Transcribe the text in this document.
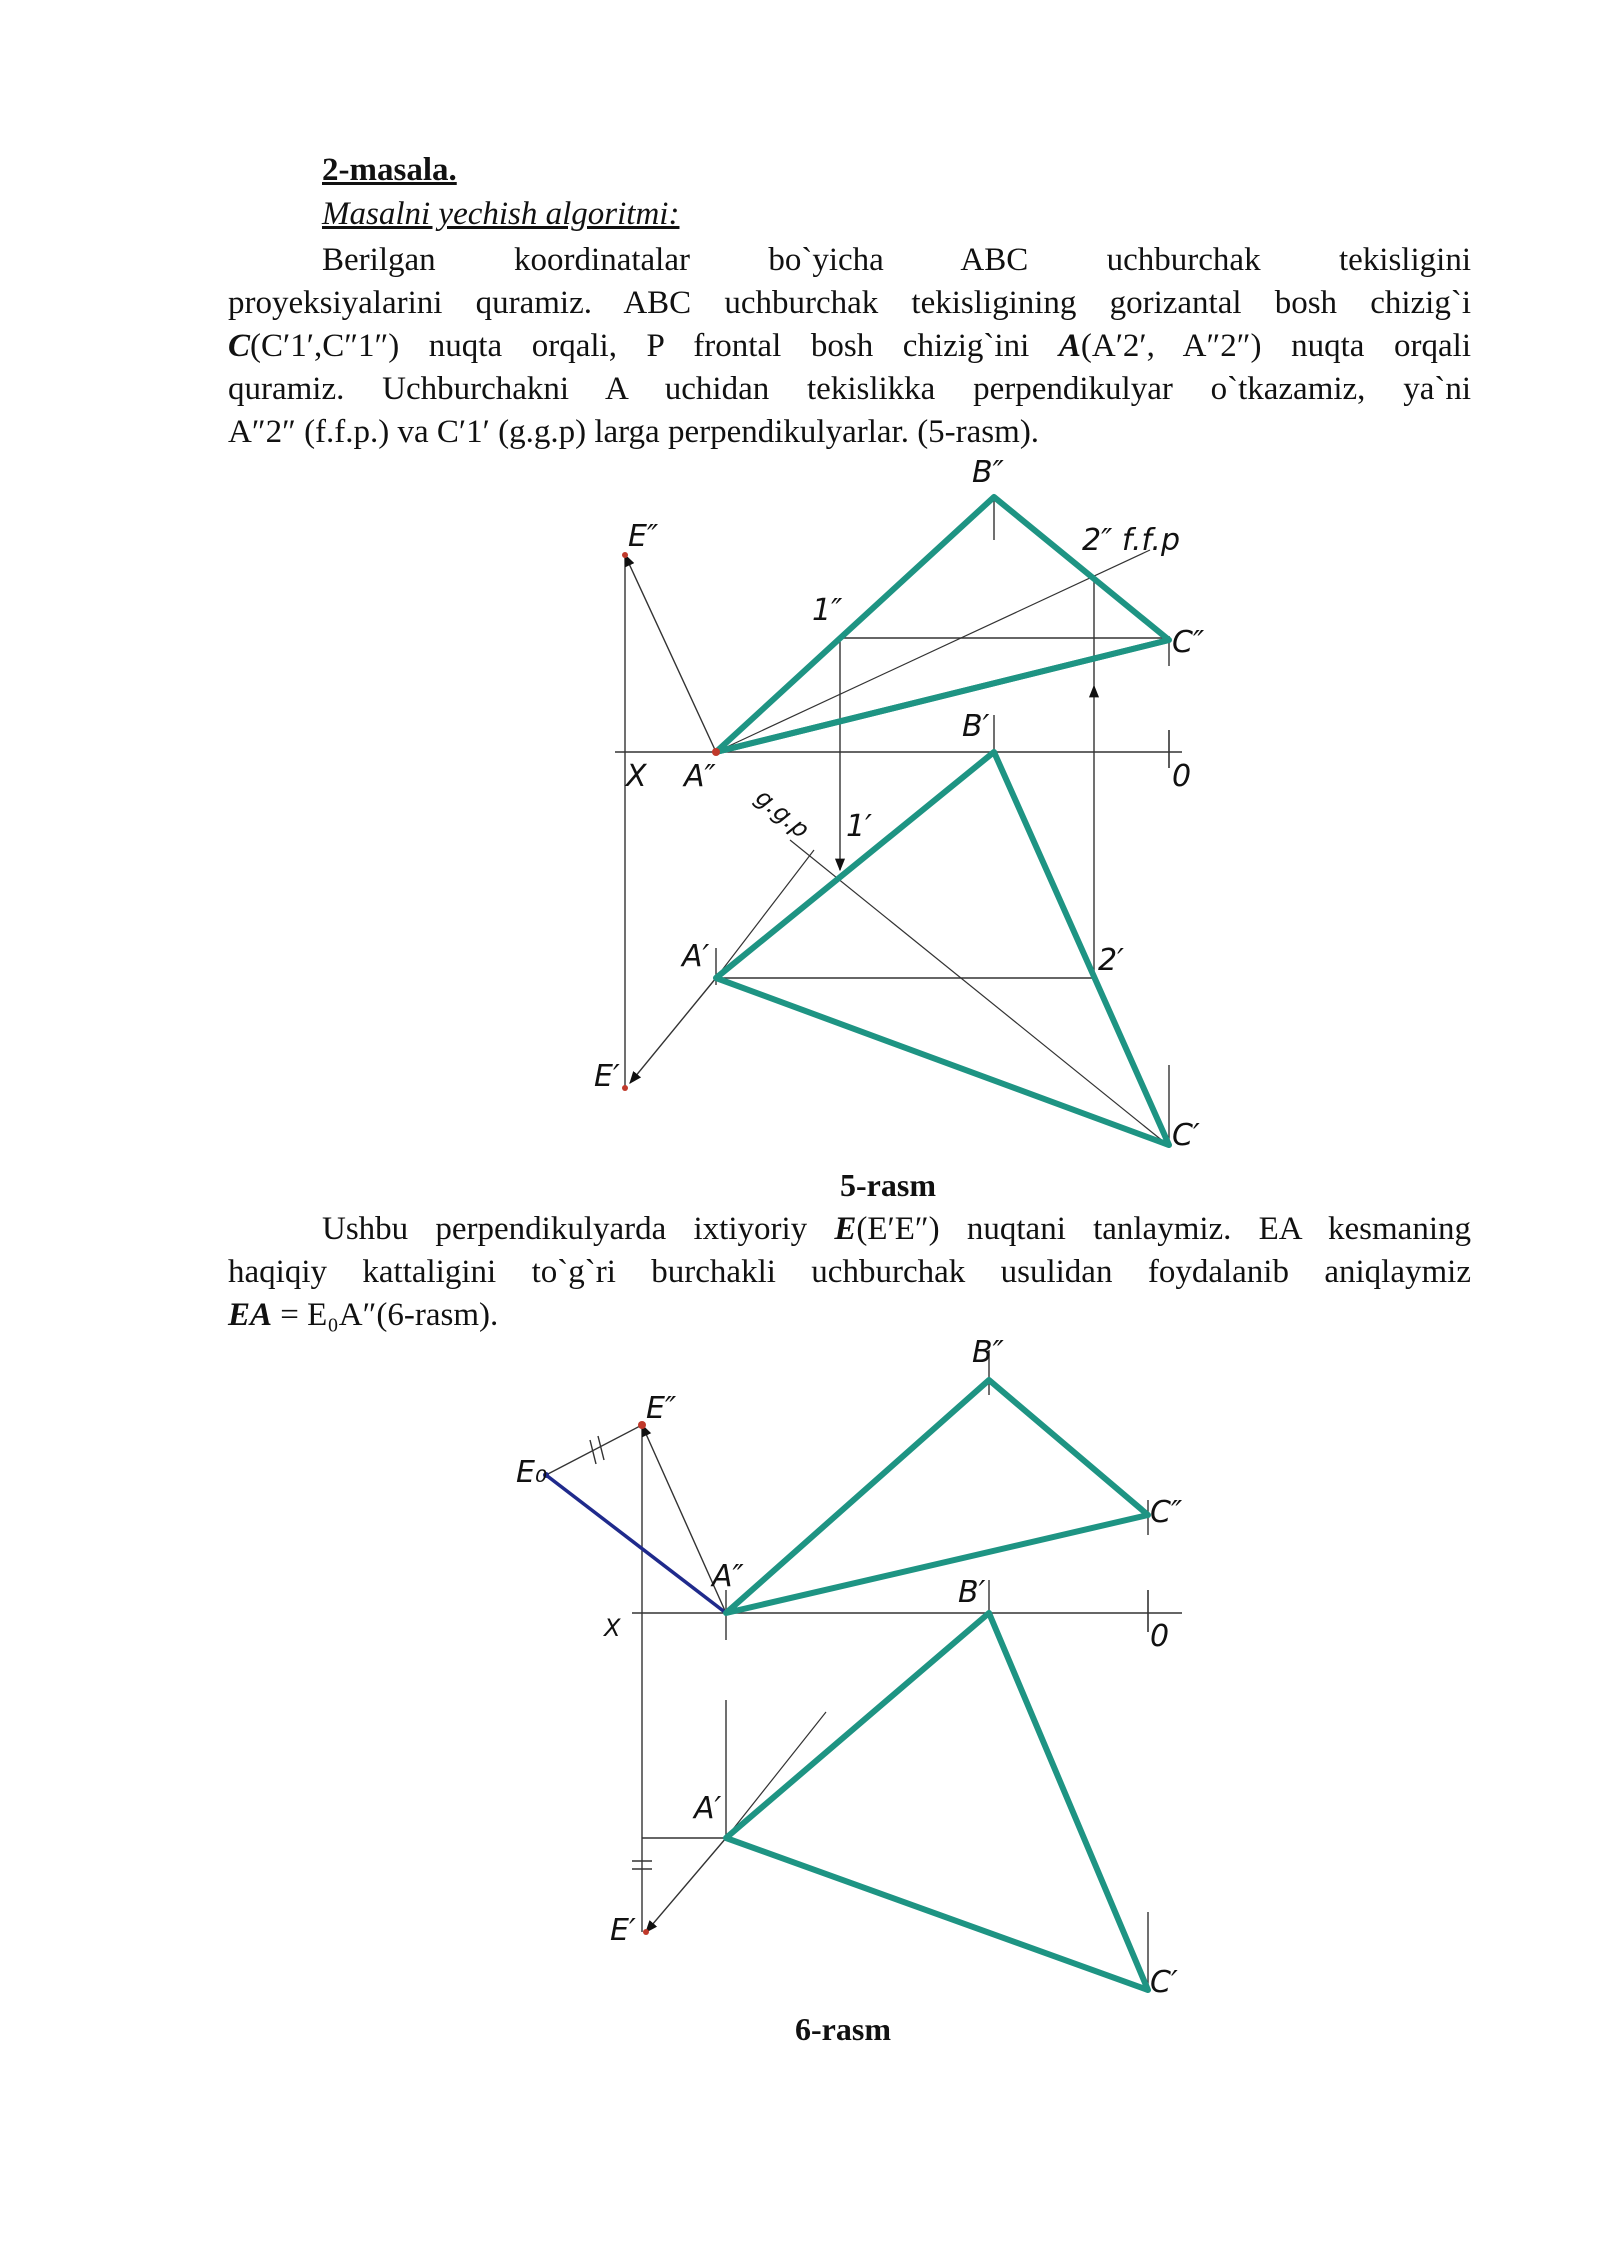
2-masala.
Masalni yechish algoritmi:
Berilgan koordinatalar bo`yicha ABC uchburchak tekisligini
proyeksiyalarini quramiz. ABC uchburchak tekisligining gorizantal bosh chizig`i
C(C′1′,C″1″) nuqta orqali, P frontal bosh chizig`ini A(A′2′, A″2″) nuqta orqali
quramiz. Uchburchakni A uchidan tekislikka perpendikulyar o`tkazamiz, ya`ni
A″2″ (f.f.p.) va C′1′ (g.g.p) larga perpendikulyarlar. (5-rasm).
B″
E″	2″ f.f.p
1″
C″
B′
X A″	0
g.g.p 1′
A′	2′
E′
C′
5-rasm
Ushbu perpendikulyarda ixtiyoriy E(E′E″) nuqtani tanlaymiz. EA kesmaning
haqiqiy kattaligini to`g`ri burchakli uchburchak usulidan foydalanib aniqlaymiz
EA = E₀A″(6-rasm).
B″
E″
E₀
C″
A″	B′
X	0
A′
E′
C′
6-rasm
